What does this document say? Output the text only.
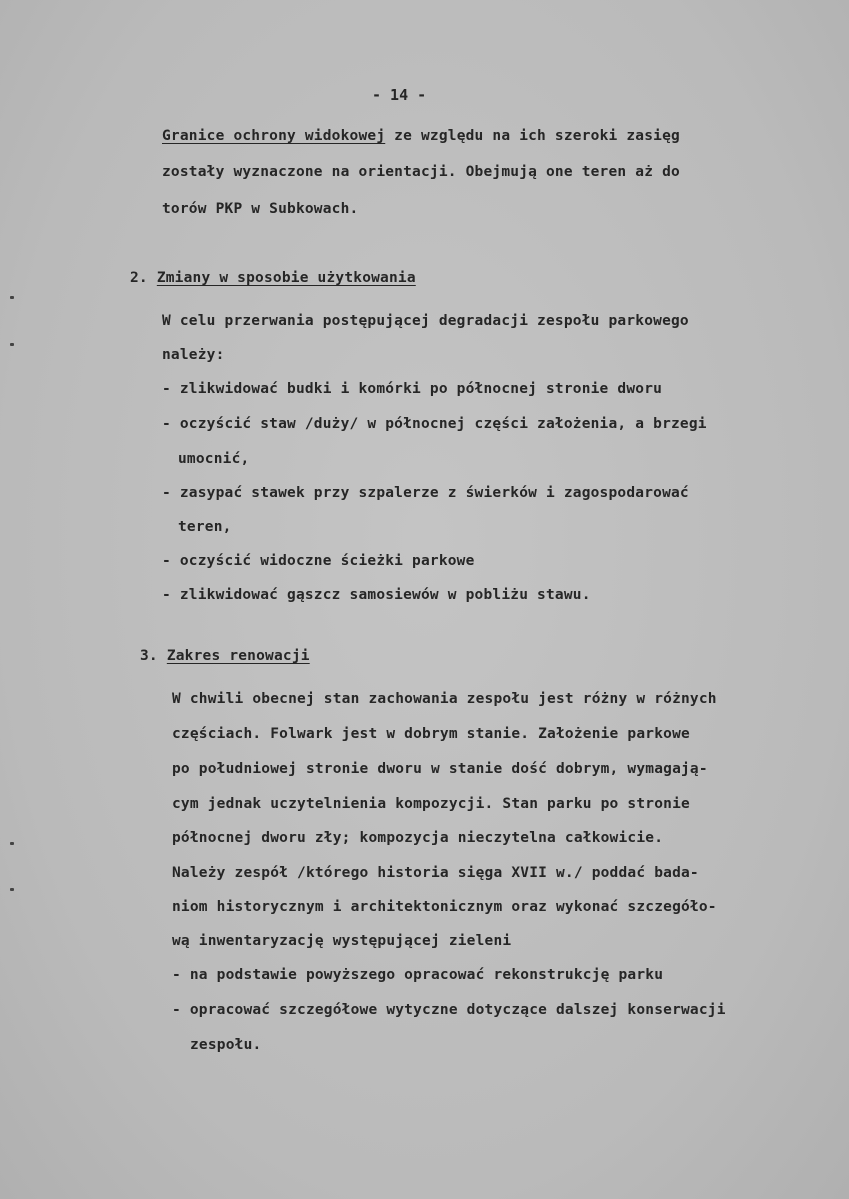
- 14 -
Granice ochrony widokowej ze względu na ich szeroki zasięg
zostały wyznaczone na orientacji. Obejmują one teren aż do
torów PKP w Subkowach.
2. Zmiany w sposobie użytkowania
W celu przerwania postępującej degradacji zespołu parkowego
należy:
- zlikwidować budki i komórki po północnej stronie dworu
- oczyścić staw /duży/ w północnej części założenia, a brzegi
umocnić,
- zasypać stawek przy szpalerze z świerków i zagospodarować
teren,
- oczyścić widoczne ścieżki parkowe
- zlikwidować gąszcz samosiewów w pobliżu stawu.
3. Zakres renowacji
W chwili obecnej stan zachowania zespołu jest różny w różnych
częściach. Folwark jest w dobrym stanie. Założenie parkowe
po południowej stronie dworu w stanie dość dobrym, wymagają-
cym jednak uczytelnienia kompozycji. Stan parku po stronie
północnej dworu zły; kompozycja nieczytelna całkowicie.
Należy zespół /którego historia sięga XVII w./ poddać bada-
niom historycznym i architektonicznym oraz wykonać szczegóło-
wą inwentaryzację występującej zieleni
- na podstawie powyższego opracować rekonstrukcję parku
- opracować szczegółowe wytyczne dotyczące dalszej konserwacji
zespołu.
